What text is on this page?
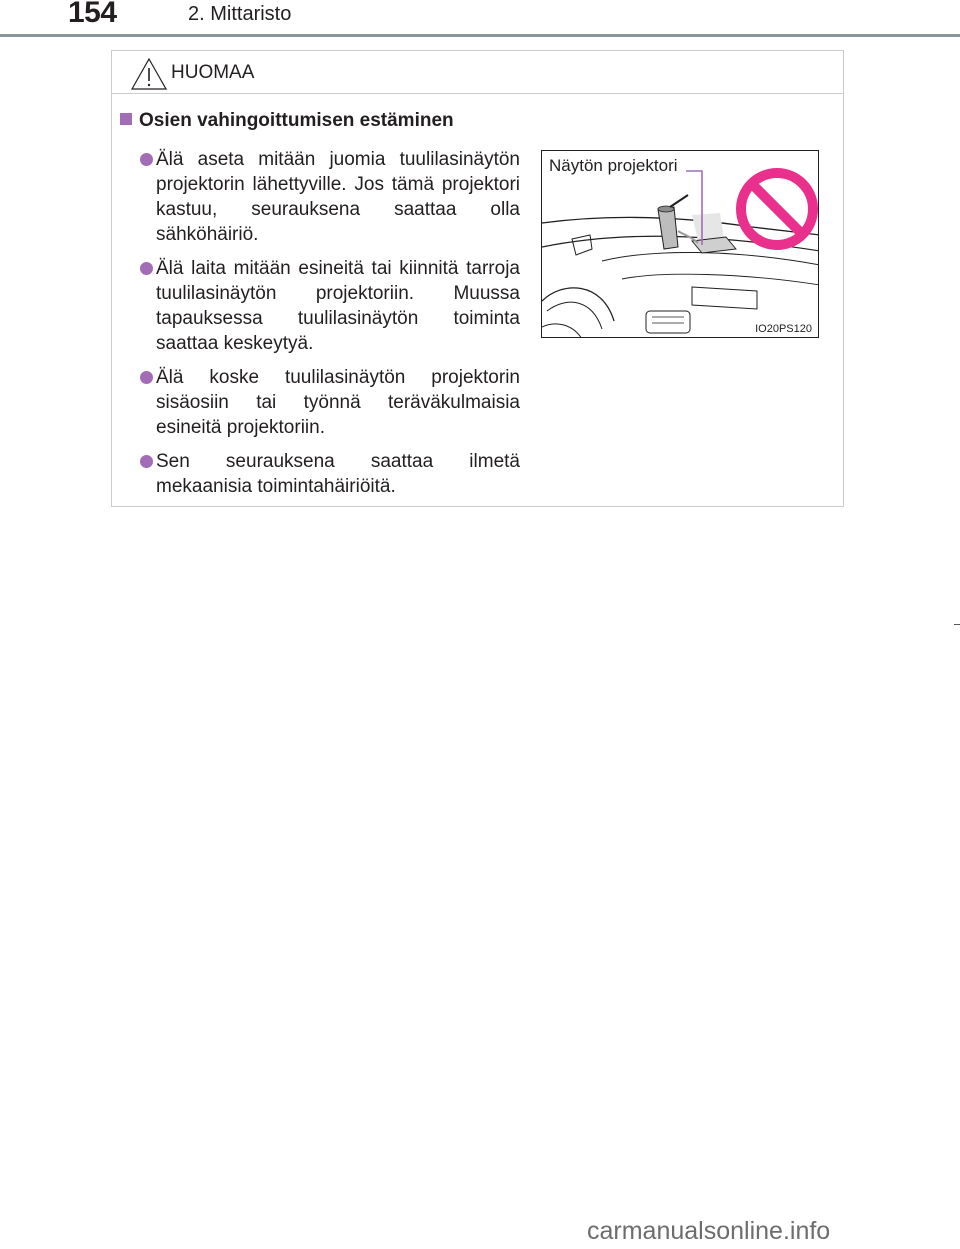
154	2. Mittaristo
HUOMAA
Osien vahingoittumisen estäminen
Älä aseta mitään juomia tuulilasinäytön projektorin lähettyville. Jos tämä projektori kastuu, seurauksena saattaa olla sähköhäiriö.
Älä laita mitään esineitä tai kiinnitä tarroja tuulilasinäytön projektoriin. Muussa tapauksessa tuulilasinäytön toiminta saattaa keskeytyä.
Älä koske tuulilasinäytön projektorin sisäosiin tai työnnä teräväkulmaisia esineitä projektoriin.
Sen seurauksena saattaa ilmetä mekaanisia toimintahäiriöitä.
Näytön projektori
IO20PS120
carmanualsonline.info
